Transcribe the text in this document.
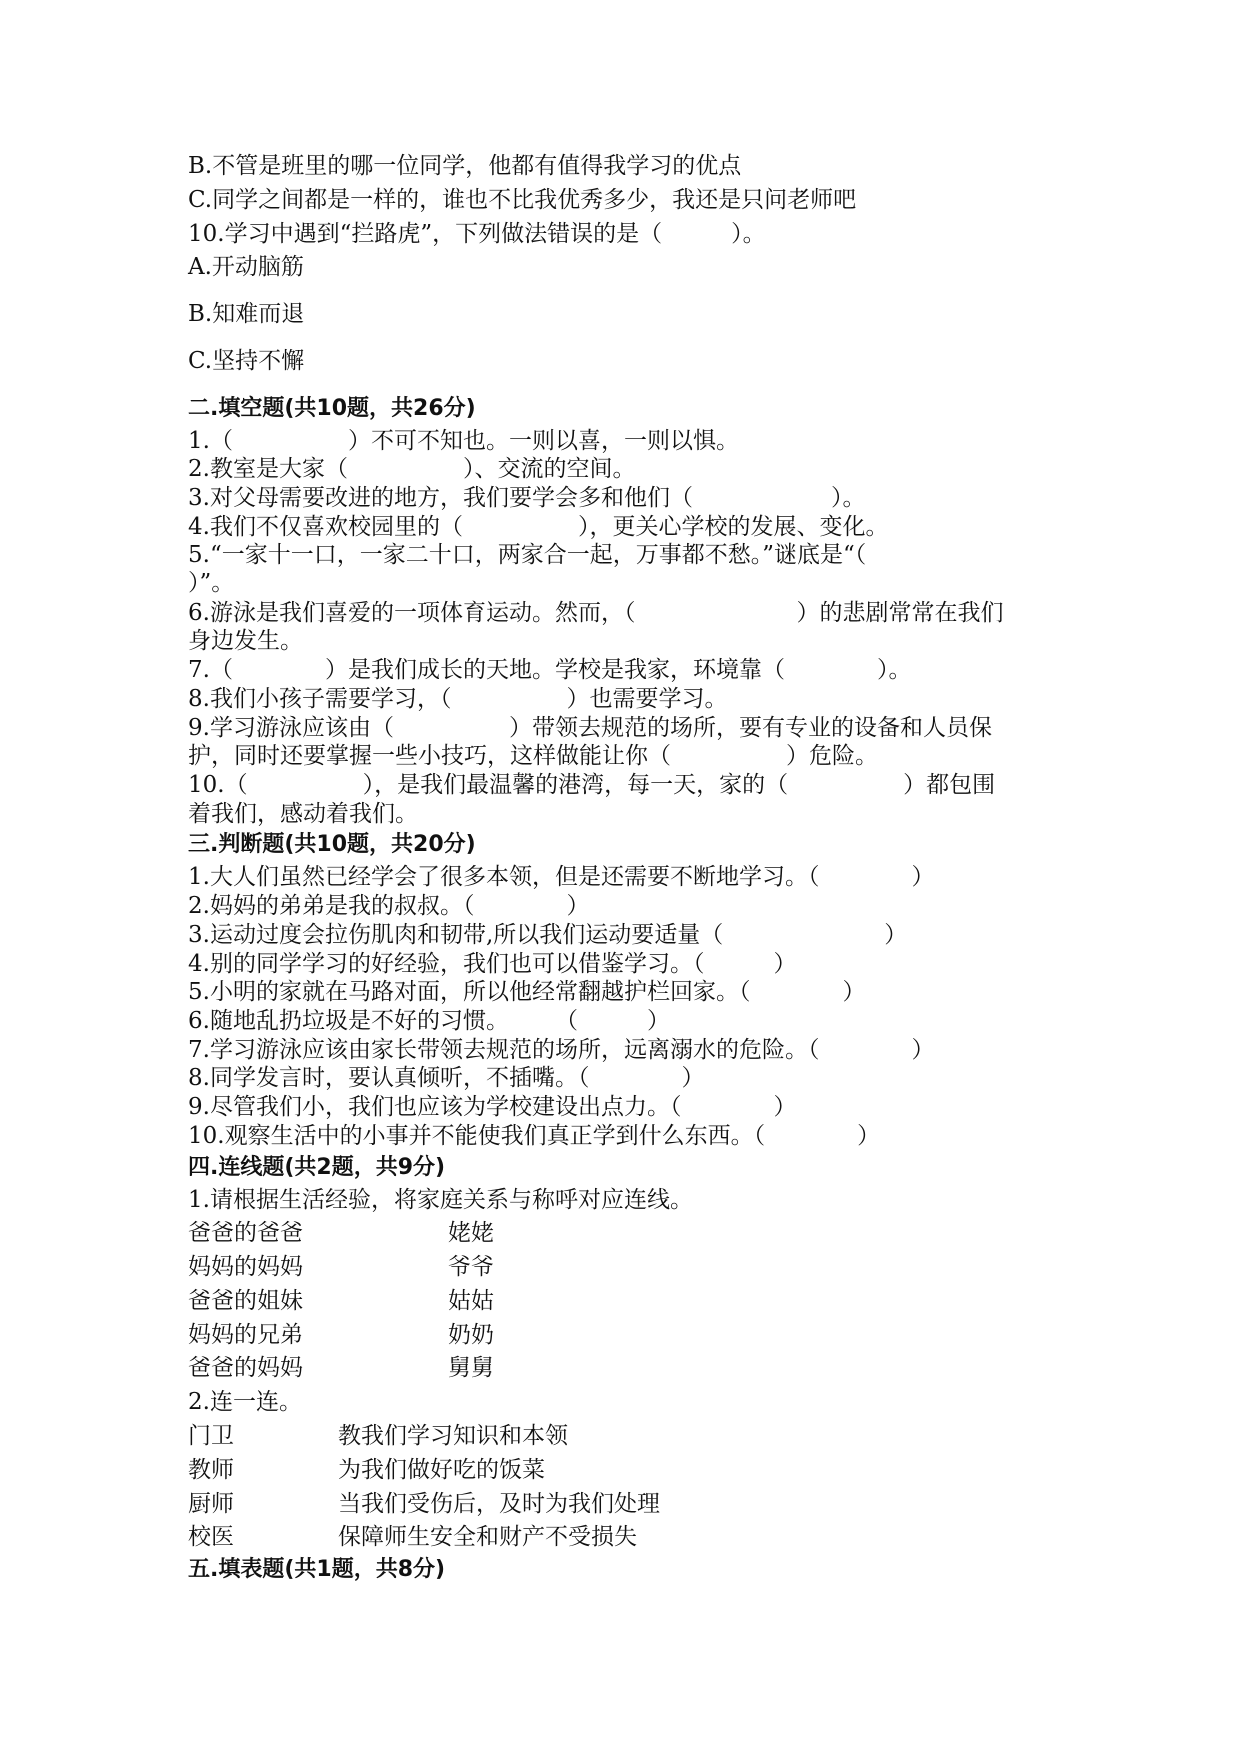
B.不管是班里的哪一位同学，他都有值得我学习的优点
C.同学之间都是一样的，谁也不比我优秀多少，我还是只问老师吧
10.学习中遇到“拦路虎”，下列做法错误的是（　　　）。
A.开动脑筋
B.知难而退
C.坚持不懈
二.填空题(共10题，共26分)
1.（　　　　　）不可不知也。一则以喜，一则以惧。
2.教室是大家（　　　　　）、交流的空间。
3.对父母需要改进的地方，我们要学会多和他们（　　　　　　）。
4.我们不仅喜欢校园里的（　　　　　），更关心学校的发展、变化。
5.“一家十一口，一家二十口，两家合一起，万事都不愁。”谜底是“（
）”。
6.游泳是我们喜爱的一项体育运动。然而，（　　　　　　　）的悲剧常常在我们
身边发生。
7.（　　　　）是我们成长的天地。学校是我家，环境靠（　　　　）。
8.我们小孩子需要学习，（　　　　　）也需要学习。
9.学习游泳应该由（　　　　　）带领去规范的场所，要有专业的设备和人员保
护，同时还要掌握一些小技巧，这样做能让你（　　　　　）危险。
10.（　　　　　），是我们最温馨的港湾，每一天，家的（　　　　　）都包围
着我们，感动着我们。
三.判断题(共10题，共20分)
1.大人们虽然已经学会了很多本领，但是还需要不断地学习。（　　　　）
2.妈妈的弟弟是我的叔叔。（　　　　）
3.运动过度会拉伤肌肉和韧带,所以我们运动要适量（　　　　　　　）
4.别的同学学习的好经验，我们也可以借鉴学习。（　　　）
5.小明的家就在马路对面，所以他经常翻越护栏回家。（　　　　）
6.随地乱扔垃圾是不好的习惯。　　　（　　　）
7.学习游泳应该由家长带领去规范的场所，远离溺水的危险。（　　　　）
8.同学发言时，要认真倾听，不插嘴。（　　　　）
9.尽管我们小，我们也应该为学校建设出点力。（　　　　）
10.观察生活中的小事并不能使我们真正学到什么东西。（　　　　）
四.连线题(共2题，共9分)
1.请根据生活经验，将家庭关系与称呼对应连线。
爸爸的爸爸	姥姥
妈妈的妈妈	爷爷
爸爸的姐妹	姑姑
妈妈的兄弟	奶奶
爸爸的妈妈	舅舅
2.连一连。
门卫	教我们学习知识和本领
教师	为我们做好吃的饭菜
厨师	当我们受伤后，及时为我们处理
校医	保障师生安全和财产不受损失
五.填表题(共1题，共8分)
